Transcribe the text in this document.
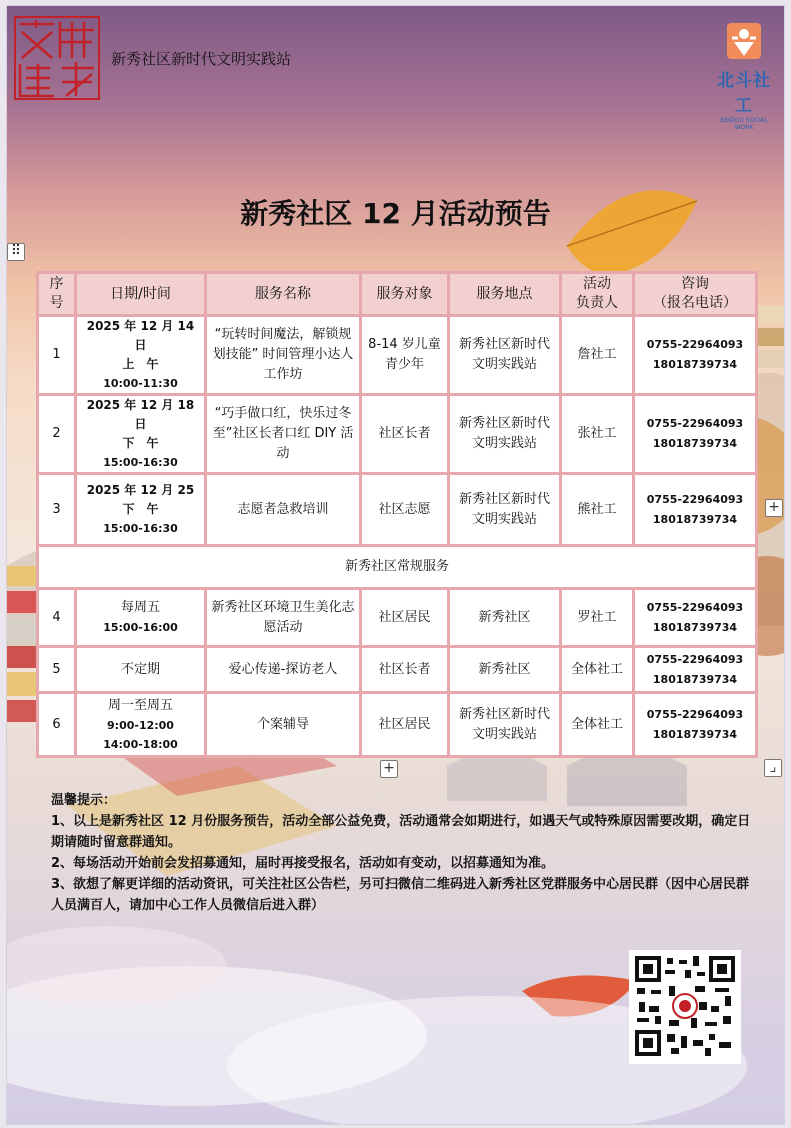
新秀社区新时代文明实践站
北斗社工
BEIDOU SOCIAL WORK
新秀社区 12 月活动预告
序
号	日期/时间	服务名称	服务对象	服务地点	活动
负责人	咨询
（报名电话）
1	2025 年 12 月 14 日
上　午
10:00-11:30	“玩转时间魔法，解锁规划技能” 时间管理小达人工作坊	8-14 岁儿童青少年	新秀社区新时代文明实践站	詹社工	0755-22964093
18018739734

2	2025 年 12 月 18 日
下　午
15:00-16:30	“巧手做口红，快乐过冬至”社区长者口红 DIY 活动	社区长者	新秀社区新时代文明实践站	张社工	0755-22964093
18018739734

3	2025 年 12 月 25
下　午
15:00-16:30	志愿者急救培训	社区志愿	新秀社区新时代文明实践站	熊社工	0755-22964093
18018739734

新秀社区常规服务						
4	每周五
15:00-16:00	新秀社区环境卫生美化志愿活动	社区居民	新秀社区	罗社工	0755-22964093
18018739734

5	不定期	爱心传递-探访老人	社区长者	新秀社区	全体社工	0755-22964093
18018739734

6	周一至周五
9:00-12:00
14:00-18:00	个案辅导	社区居民	新秀社区新时代文明实践站	全体社工	0755-22964093
18018739734

温馨提示：

1、以上是新秀社区 12 月份服务预告，活动全部公益免费，活动通常会如期进行，如遇天气或特殊原因需要改期，确定日期请随时留意群通知。

2、每场活动开始前会发招募通知，届时再接受报名，活动如有变动，以招募通知为准。

3、欲想了解更详细的活动资讯，可关注社区公告栏，另可扫微信二维码进入新秀社区党群服务中心居民群（因中心居民群人员满百人，请加中心工作人员微信后进入群）

⠿
+
+	⌟
